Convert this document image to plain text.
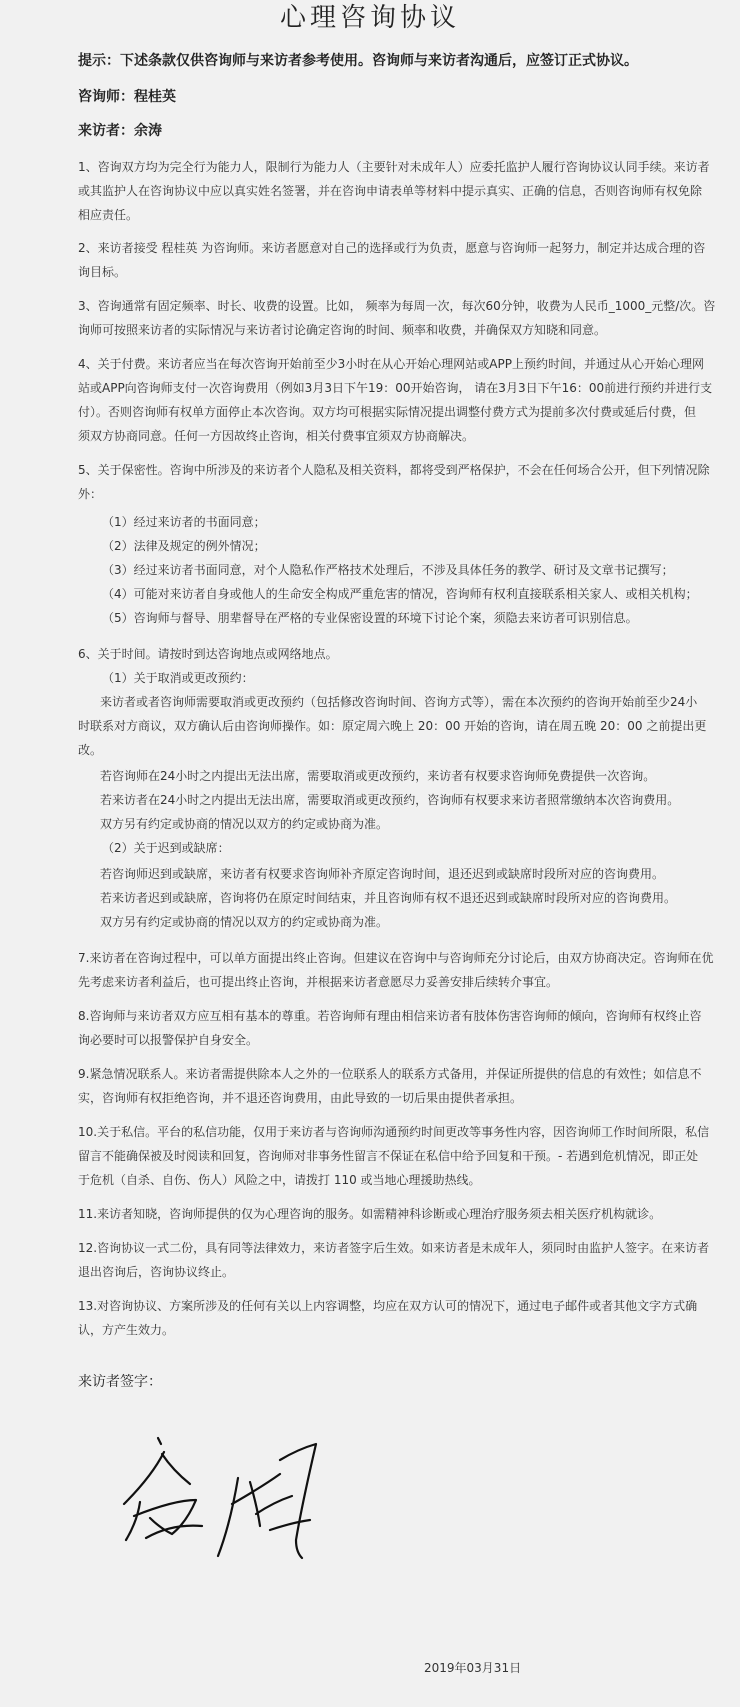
心理咨询协议
提示：下述条款仅供咨询师与来访者参考使用。咨询师与来访者沟通后，应签订正式协议。
咨询师：程桂英
来访者：余涛
1、咨询双方均为完全行为能力人，限制行为能力人（主要针对未成年人）应委托监护人履行咨询协议认同手续。来访者
或其监护人在咨询协议中应以真实姓名签署，并在咨询申请表单等材料中提示真实、正确的信息，否则咨询师有权免除
相应责任。
2、来访者接受 程桂英 为咨询师。来访者愿意对自己的选择或行为负责，愿意与咨询师一起努力，制定并达成合理的咨
询目标。
3、咨询通常有固定频率、时长、收费的设置。比如， 频率为每周一次，每次60分钟，收费为人民币_1000_元整/次。咨
询师可按照来访者的实际情况与来访者讨论确定咨询的时间、频率和收费，并确保双方知晓和同意。
4、关于付费。来访者应当在每次咨询开始前至少3小时在从心开始心理网站或APP上预约时间，并通过从心开始心理网
站或APP向咨询师支付一次咨询费用（例如3月3日下午19：00开始咨询， 请在3月3日下午16：00前进行预约并进行支
付）。否则咨询师有权单方面停止本次咨询。双方均可根据实际情况提出调整付费方式为提前多次付费或延后付费，但
须双方协商同意。任何一方因故终止咨询，相关付费事宜须双方协商解决。
5、关于保密性。咨询中所涉及的来访者个人隐私及相关资料，都将受到严格保护，不会在任何场合公开，但下列情况除
外：
（1）经过来访者的书面同意；
（2）法律及规定的例外情况；
（3）经过来访者书面同意，对个人隐私作严格技术处理后，不涉及具体任务的教学、研讨及文章书记撰写；
（4）可能对来访者自身或他人的生命安全构成严重危害的情况，咨询师有权利直接联系相关家人、或相关机构；
（5）咨询师与督导、朋辈督导在严格的专业保密设置的环境下讨论个案，须隐去来访者可识别信息。
6、关于时间。请按时到达咨询地点或网络地点。
（1）关于取消或更改预约：
来访者或者咨询师需要取消或更改预约（包括修改咨询时间、咨询方式等），需在本次预约的咨询开始前至少24小
时联系对方商议，双方确认后由咨询师操作。如：原定周六晚上 20：00 开始的咨询，请在周五晚 20：00 之前提出更
改。
若咨询师在24小时之内提出无法出席，需要取消或更改预约，来访者有权要求咨询师免费提供一次咨询。
若来访者在24小时之内提出无法出席，需要取消或更改预约，咨询师有权要求来访者照常缴纳本次咨询费用。
双方另有约定或协商的情况以双方的约定或协商为准。
（2）关于迟到或缺席：
若咨询师迟到或缺席，来访者有权要求咨询师补齐原定咨询时间，退还迟到或缺席时段所对应的咨询费用。
若来访者迟到或缺席，咨询将仍在原定时间结束，并且咨询师有权不退还迟到或缺席时段所对应的咨询费用。
双方另有约定或协商的情况以双方的约定或协商为准。
7.来访者在咨询过程中，可以单方面提出终止咨询。但建议在咨询中与咨询师充分讨论后，由双方协商决定。咨询师在优
先考虑来访者利益后，也可提出终止咨询，并根据来访者意愿尽力妥善安排后续转介事宜。
8.咨询师与来访者双方应互相有基本的尊重。若咨询师有理由相信来访者有肢体伤害咨询师的倾向，咨询师有权终止咨
询必要时可以报警保护自身安全。
9.紧急情况联系人。来访者需提供除本人之外的一位联系人的联系方式备用，并保证所提供的信息的有效性；如信息不
实，咨询师有权拒绝咨询，并不退还咨询费用，由此导致的一切后果由提供者承担。
10.关于私信。平台的私信功能，仅用于来访者与咨询师沟通预约时间更改等事务性内容，因咨询师工作时间所限，私信
留言不能确保被及时阅读和回复，咨询师对非事务性留言不保证在私信中给予回复和干预。- 若遇到危机情况，即正处
于危机（自杀、自伤、伤人）风险之中，请拨打 110 或当地心理援助热线。
11.来访者知晓，咨询师提供的仅为心理咨询的服务。如需精神科诊断或心理治疗服务须去相关医疗机构就诊。
12.咨询协议一式二份，具有同等法律效力，来访者签字后生效。如来访者是未成年人，须同时由监护人签字。在来访者
退出咨询后，咨询协议终止。
13.对咨询协议、方案所涉及的任何有关以上内容调整，均应在双方认可的情况下，通过电子邮件或者其他文字方式确
认，方产生效力。
来访者签字：
2019年03月31日
